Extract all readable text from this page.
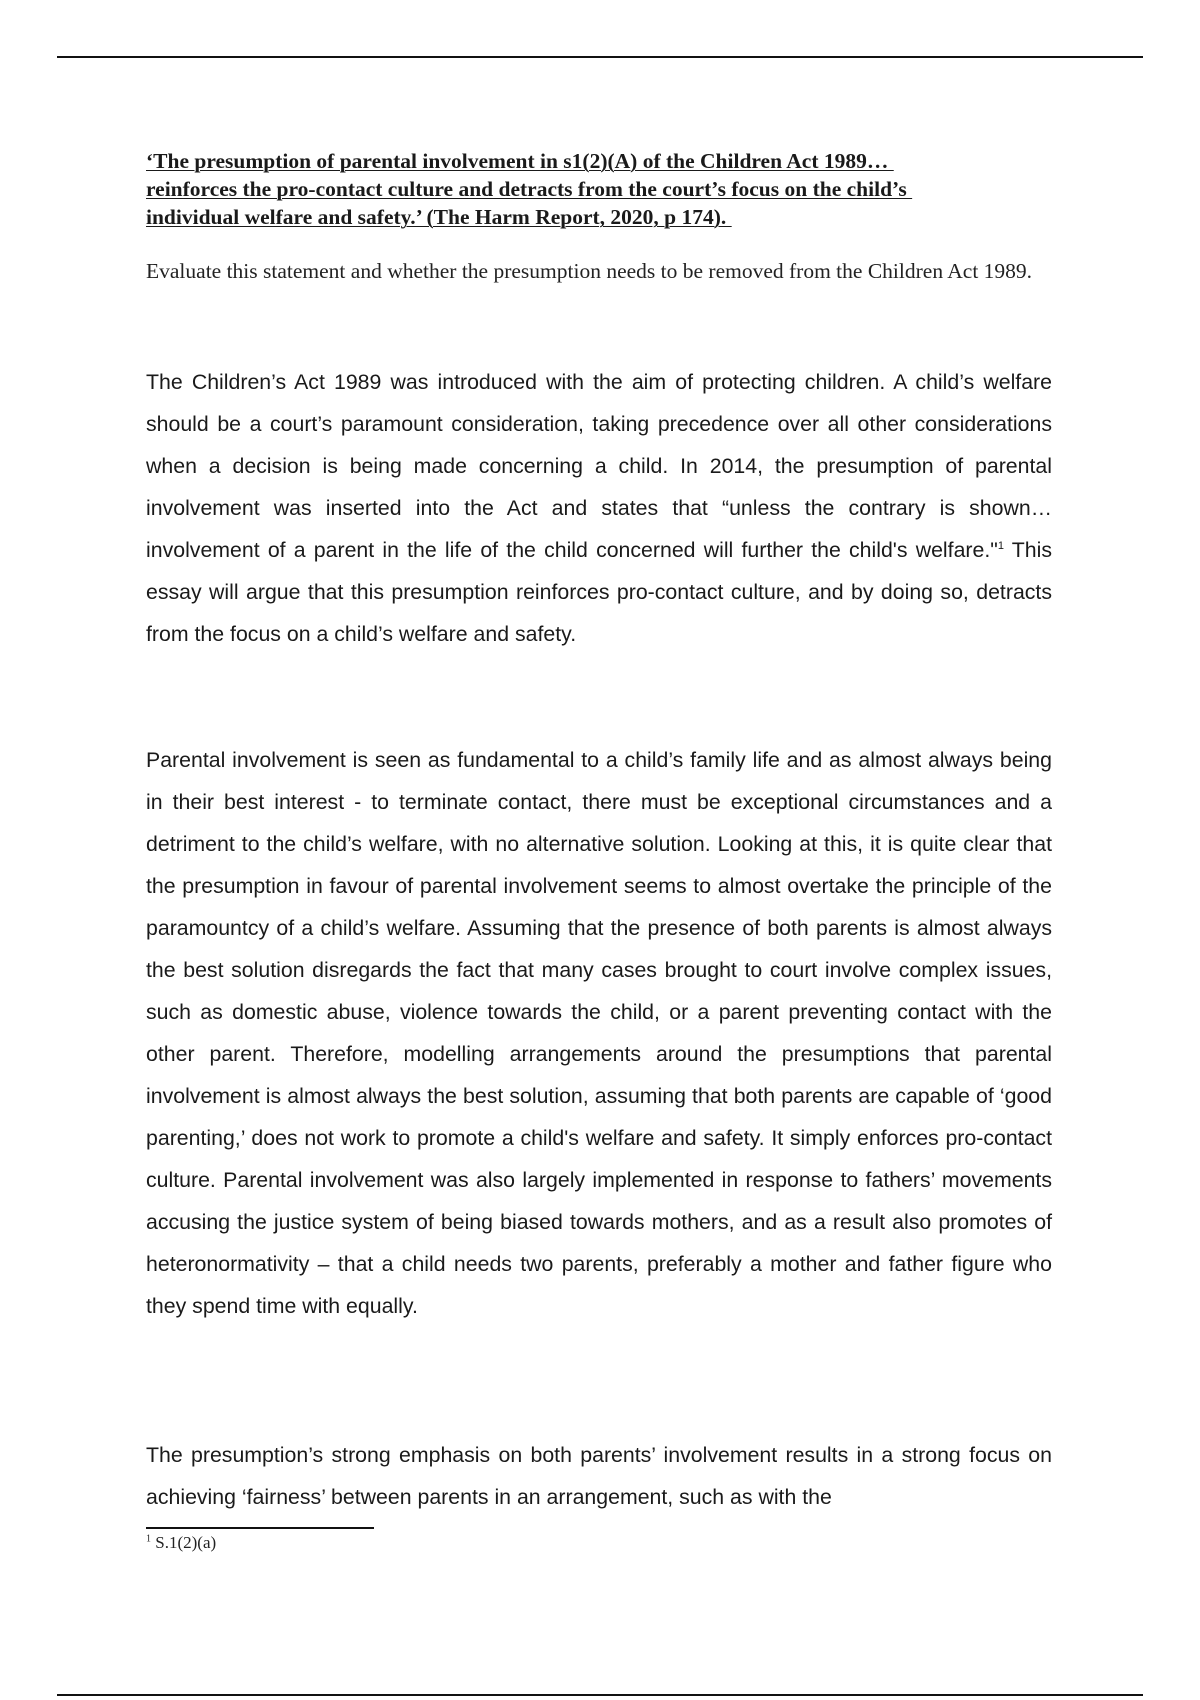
‘The presumption of parental involvement in s1(2)(A) of the Children Act 1989…
reinforces the pro-contact culture and detracts from the court’s focus on the child’s
individual welfare and safety.’ (The Harm Report, 2020, p 174).

Evaluate this statement and whether the presumption needs to be removed from the Children Act 1989.

The Children’s Act 1989 was introduced with the aim of protecting children. A child’s welfare should be a court’s paramount consideration, taking precedence over all other considerations when a decision is being made concerning a child. In 2014, the presumption of parental involvement was inserted into the Act and states that “unless the contrary is shown… involvement of a parent in the life of the child concerned will further the child's welfare."$^1$ This essay will argue that this presumption reinforces pro-contact culture, and by doing so, detracts from the focus on a child’s welfare and safety.

Parental involvement is seen as fundamental to a child’s family life and as almost always being in their best interest - to terminate contact, there must be exceptional circumstances and a detriment to the child’s welfare, with no alternative solution. Looking at this, it is quite clear that the presumption in favour of parental involvement seems to almost overtake the principle of the paramountcy of a child’s welfare. Assuming that the presence of both parents is almost always the best solution disregards the fact that many cases brought to court involve complex issues, such as domestic abuse, violence towards the child, or a parent preventing contact with the other parent. Therefore, modelling arrangements around the presumptions that parental involvement is almost always the best solution, assuming that both parents are capable of ‘good parenting,’ does not work to promote a child's welfare and safety. It simply enforces pro-contact culture. Parental involvement was also largely implemented in response to fathers’ movements accusing the justice system of being biased towards mothers, and as a result also promotes of heteronormativity – that a child needs two parents, preferably a mother and father figure who they spend time with equally.

The presumption’s strong emphasis on both parents’ involvement results in a strong focus on achieving ‘fairness’ between parents in an arrangement, such as with the

$^1$ S.1(2)(a)
